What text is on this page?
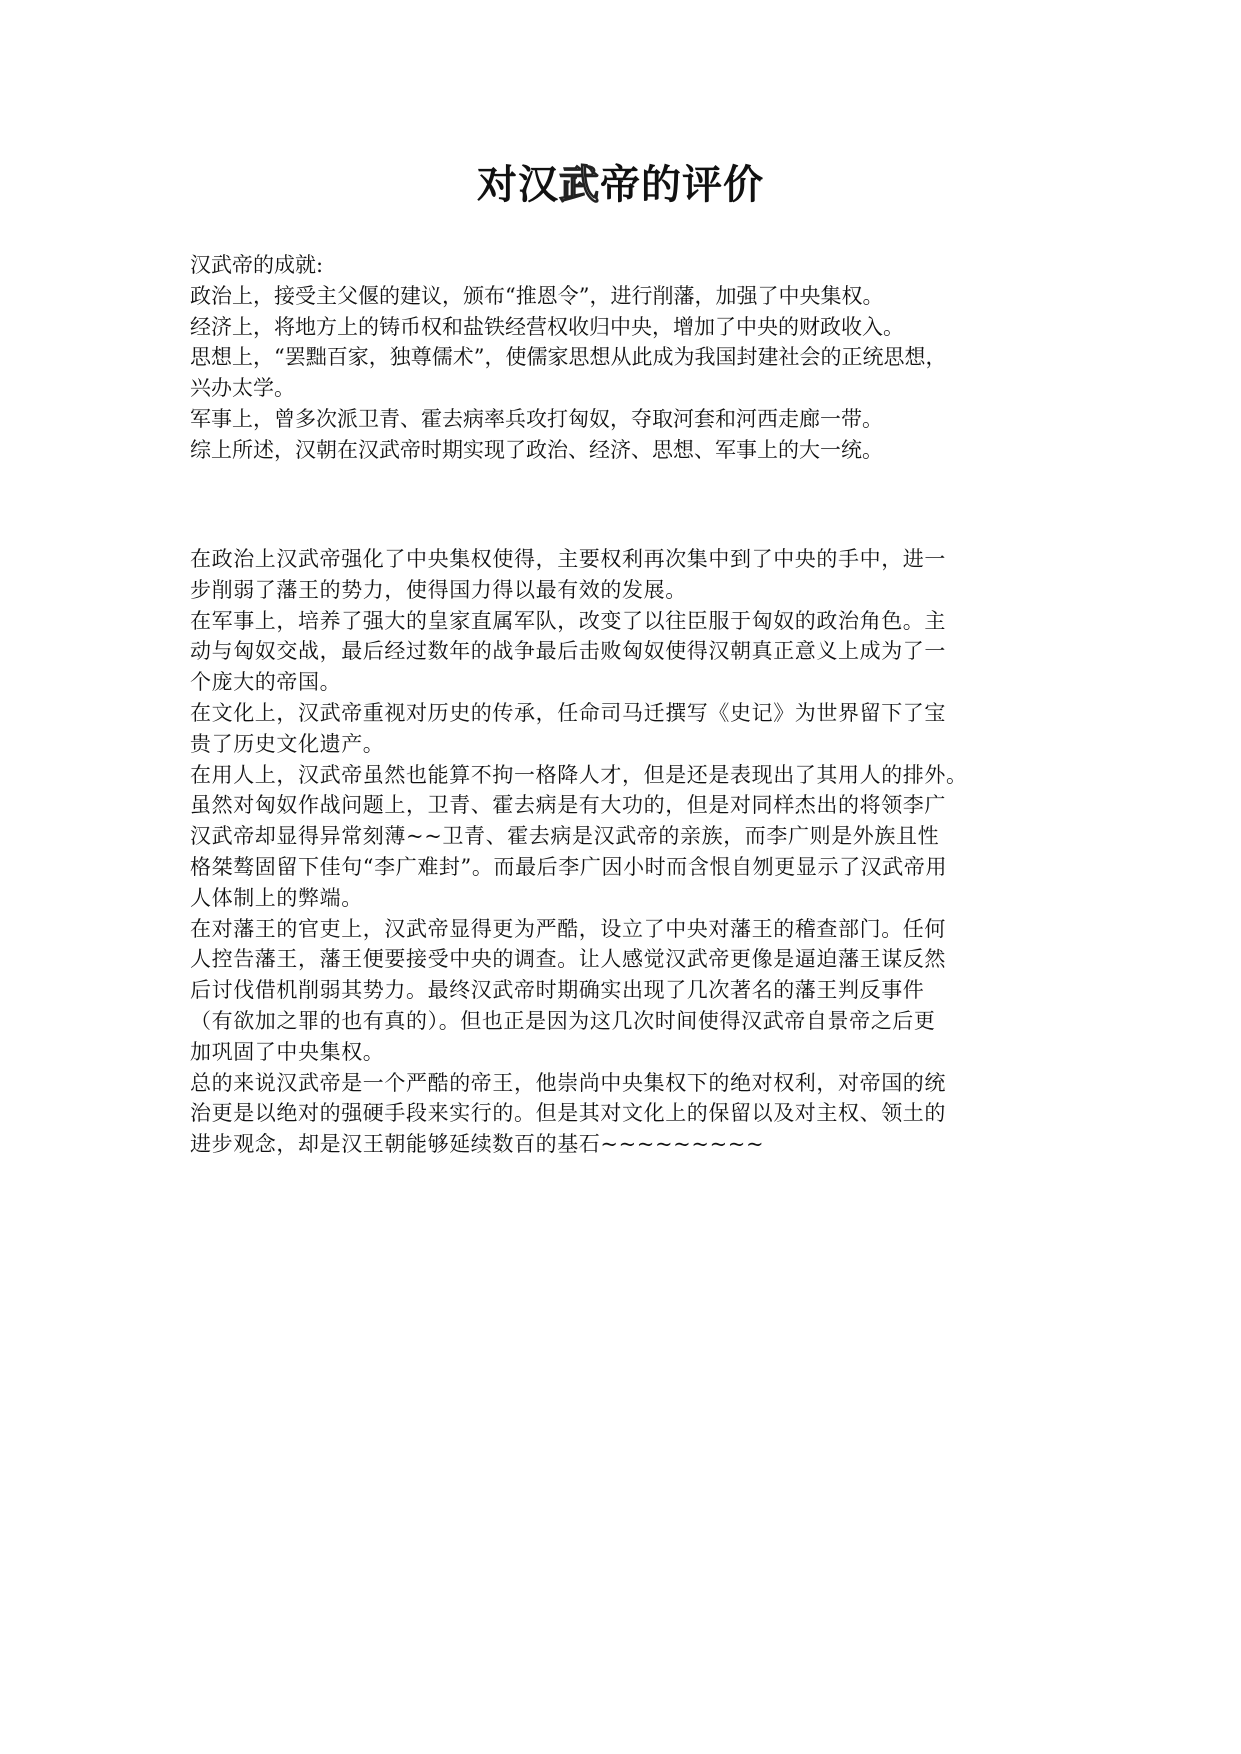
对汉武帝的评价
汉武帝的成就:
政治上，接受主父偃的建议，颁布“推恩令”，进行削藩，加强了中央集权。
经济上，将地方上的铸币权和盐铁经营权收归中央，增加了中央的财政收入。
思想上，“罢黜百家，独尊儒术”，使儒家思想从此成为我国封建社会的正统思想，
兴办太学。
军事上，曾多次派卫青、霍去病率兵攻打匈奴，夺取河套和河西走廊一带。
综上所述，汉朝在汉武帝时期实现了政治、经济、思想、军事上的大一统。
在政治上汉武帝强化了中央集权使得，主要权利再次集中到了中央的手中，进一
步削弱了藩王的势力，使得国力得以最有效的发展。
在军事上，培养了强大的皇家直属军队，改变了以往臣服于匈奴的政治角色。主
动与匈奴交战，最后经过数年的战争最后击败匈奴使得汉朝真正意义上成为了一
个庞大的帝国。
在文化上，汉武帝重视对历史的传承，任命司马迁撰写《史记》为世界留下了宝
贵了历史文化遗产。
在用人上，汉武帝虽然也能算不拘一格降人才，但是还是表现出了其用人的排外。
虽然对匈奴作战问题上，卫青、霍去病是有大功的，但是对同样杰出的将领李广
汉武帝却显得异常刻薄~~卫青、霍去病是汉武帝的亲族，而李广则是外族且性
格桀骜固留下佳句“李广难封”。而最后李广因小时而含恨自刎更显示了汉武帝用
人体制上的弊端。
在对藩王的官吏上，汉武帝显得更为严酷，设立了中央对藩王的稽查部门。任何
人控告藩王，藩王便要接受中央的调查。让人感觉汉武帝更像是逼迫藩王谋反然
后讨伐借机削弱其势力。最终汉武帝时期确实出现了几次著名的藩王判反事件
（有欲加之罪的也有真的）。但也正是因为这几次时间使得汉武帝自景帝之后更
加巩固了中央集权。
总的来说汉武帝是一个严酷的帝王，他崇尚中央集权下的绝对权利，对帝国的统
治更是以绝对的强硬手段来实行的。但是其对文化上的保留以及对主权、领土的
进步观念，却是汉王朝能够延续数百的基石~~~~~~~~~
